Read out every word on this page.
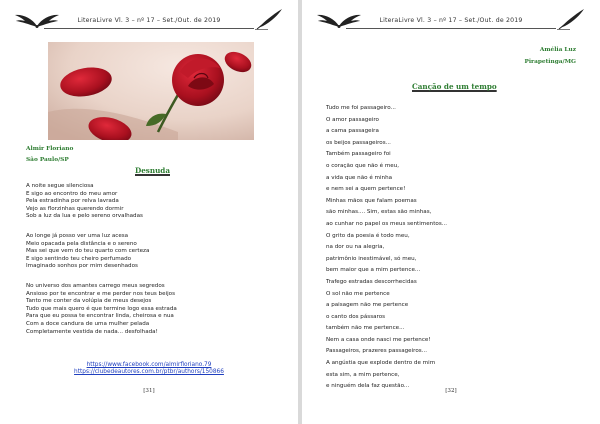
LiteraLivre Vl. 3 – nº 17 – Set./Out. de 2019
Almir Floriano
São Paulo/SP
Desnuda
A noite segue silenciosa
E sigo ao encontro do meu amor
Pela estradinha por relva lavrada
Vejo as florzinhas querendo dormir
Sob a luz da lua e pelo sereno orvalhadas
Ao longe já posso ver uma luz acesa
Meio opacada pela distância e o sereno
Mas sei que vem do teu quarto com certeza
E sigo sentindo teu cheiro perfumado
Imaginado sonhos por mim desenhados
No universo dos amantes carrego meus segredos
Ansioso por te encontrar e me perder nos teus beijos
Tanto me conter da volúpia de meus desejos
Tudo que mais quero é que termine logo essa estrada
Para que eu possa te encontrar linda, cheirosa e nua
Com a doce candura de uma mulher pelada
Completamente vestida de nada... desfolhada!
https://www.facebook.com/almirfloriano.79
https://clubedeautores.com.br/ptbr/authors/150866
[31]
LiteraLivre Vl. 3 – nº 17 – Set./Out. de 2019
Amélia Luz
Pirapetinga/MG
Canção de um tempo
Tudo me foi passageiro...
O amor passageiro
a cama passageira
os beijos passageiros...
Também passageiro foi
o coração que não é meu,
a vida que não é minha
e nem sei a quem pertence!
Minhas mãos que falam poemas
são minhas.... Sim, estas são minhas,
ao cunhar no papel os meus sentimentos...
O grito da poesia é todo meu,
na dor ou na alegria,
patrimônio inestimável, só meu,
bem maior que a mim pertence...
Trafego estradas descorrhecidas
O sol não me pertence
a paisagem não me pertence
o canto dos pássaros
também não me pertence...
Nem a casa onde nasci me pertence!
Passageiros, prazeres passageiros...
A angústia que explode dentro de mim
esta sim, a mim pertence,
e ninguém dela faz questão...
[32]
